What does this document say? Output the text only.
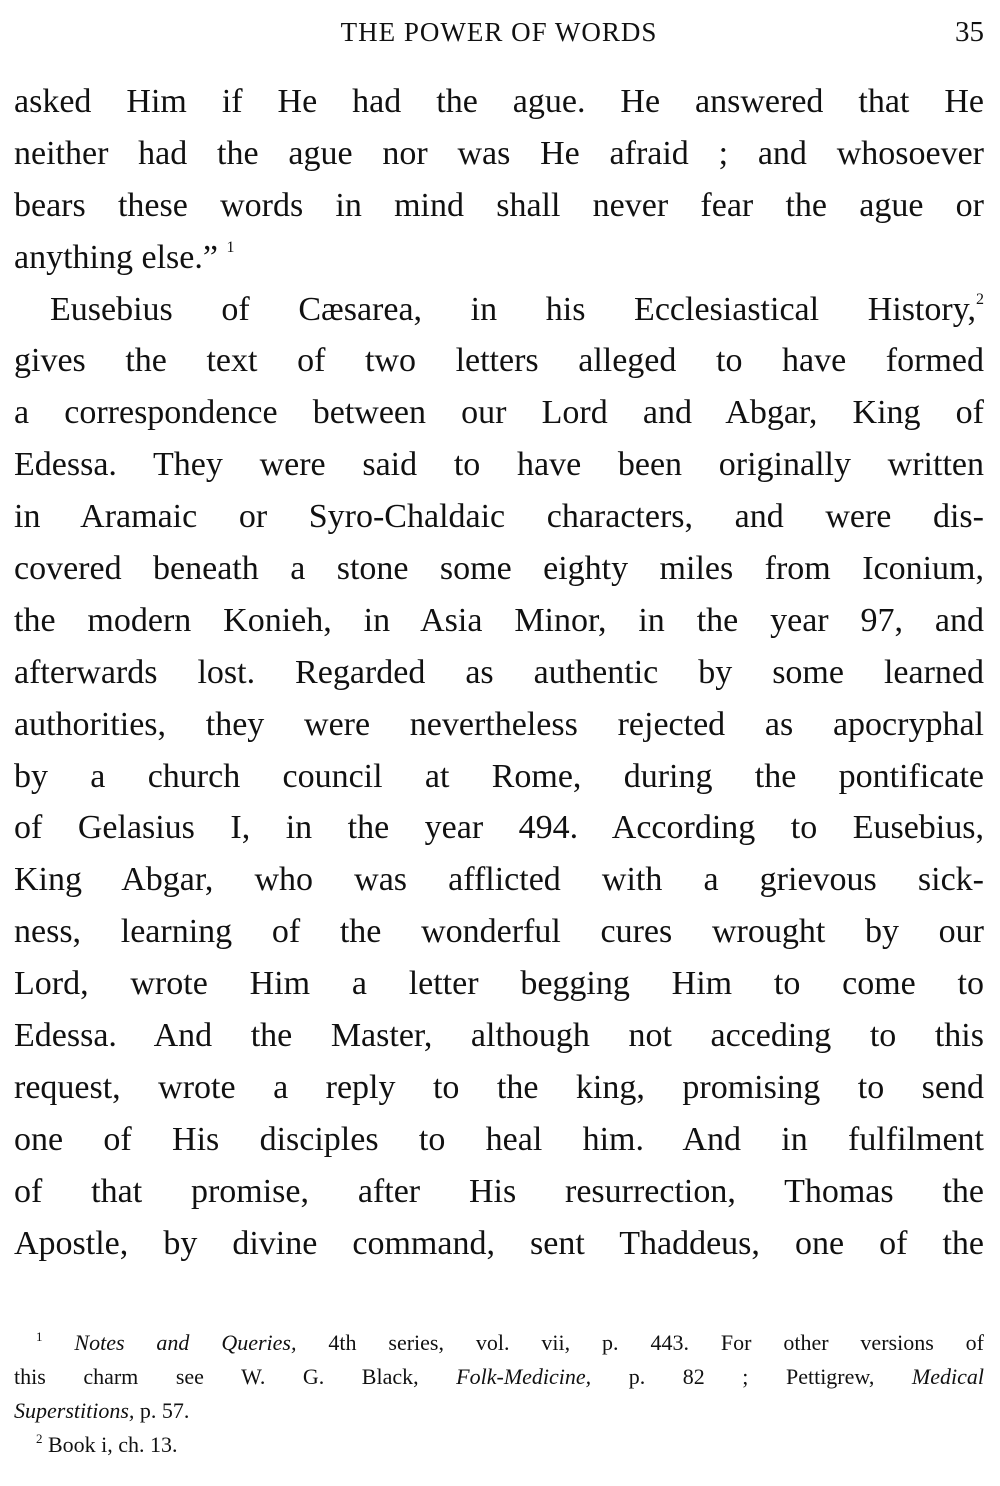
THE POWER OF WORDS	35
asked Him if He had the ague. He answered that He
neither had the ague nor was He afraid ; and whosoever
bears these words in mind shall never fear the ague or
anything else.” $^1$
Eusebius of Cæsarea, in his Ecclesiastical History,$^2$
gives the text of two letters alleged to have formed
a correspondence between our Lord and Abgar, King of
Edessa. They were said to have been originally written
in Aramaic or Syro-Chaldaic characters, and were dis-
covered beneath a stone some eighty miles from Iconium,
the modern Konieh, in Asia Minor, in the year 97, and
afterwards lost. Regarded as authentic by some learned
authorities, they were nevertheless rejected as apocryphal
by a church council at Rome, during the pontificate
of Gelasius I, in the year 494. According to Eusebius,
King Abgar, who was afflicted with a grievous sick-
ness, learning of the wonderful cures wrought by our
Lord, wrote Him a letter begging Him to come to
Edessa. And the Master, although not acceding to this
request, wrote a reply to the king, promising to send
one of His disciples to heal him. And in fulfilment
of that promise, after His resurrection, Thomas the
Apostle, by divine command, sent Thaddeus, one of the
$^1$ Notes and Queries, 4th series, vol. vii, p. 443. For other versions of
this charm see W. G. Black, Folk-Medicine, p. 82 ; Pettigrew, Medical
Superstitions, p. 57.
$^2$ Book i, ch. 13.
